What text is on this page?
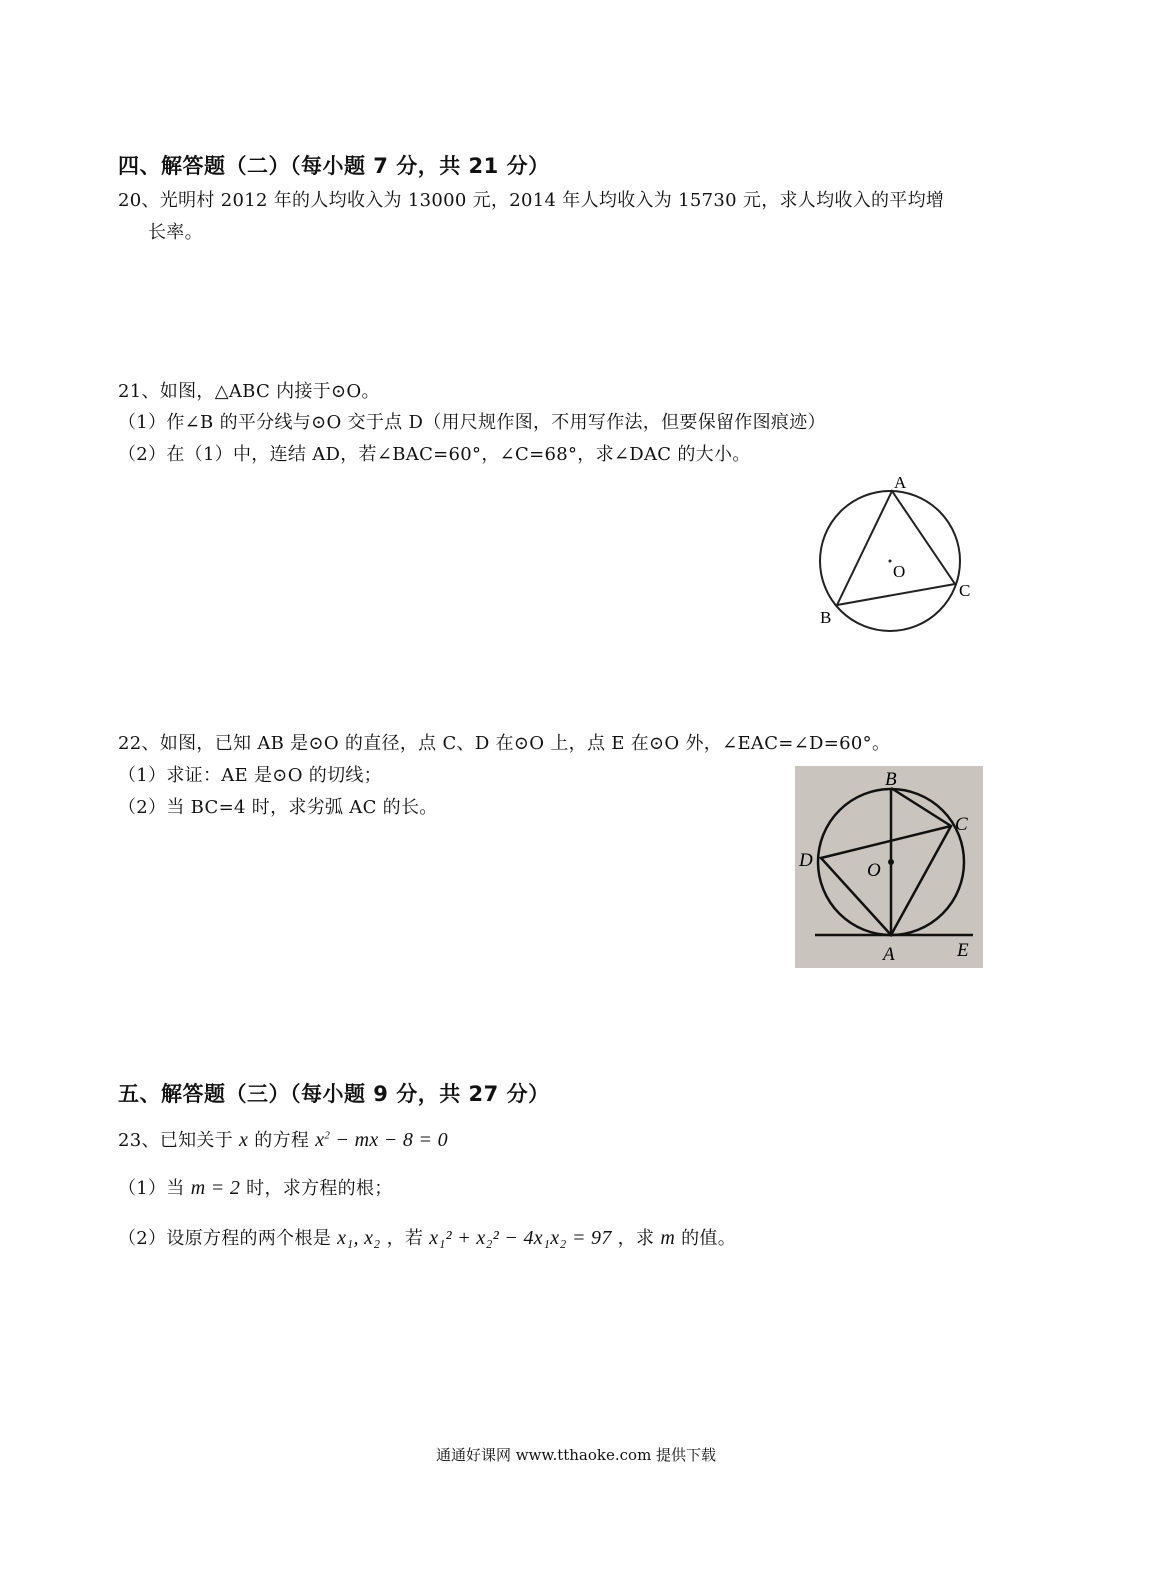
四、解答题（二）（每小题 7 分，共 21 分）
20、光明村 2012 年的人均收入为 13000 元，2014 年人均收入为 15730 元，求人均收入的平均增
长率。
21、如图，△ABC 内接于⊙O。
（1）作∠B 的平分线与⊙O 交于点 D（用尺规作图，不用写作法，但要保留作图痕迹）
（2）在（1）中，连结 AD，若∠BAC=60°，∠C=68°，求∠DAC 的大小。
A
B
C
O
22、如图，已知 AB 是⊙O 的直径，点 C、D 在⊙O 上，点 E 在⊙O 外，∠EAC=∠D=60°。
（1）求证：AE 是⊙O 的切线；
（2）当 BC=4 时，求劣弧 AC 的长。
B
C
D	O
A	E
五、解答题（三）（每小题 9 分，共 27 分）
23、已知关于 x 的方程 $x^2$ − mx − 8 = 0
（1）当 m = 2 时，求方程的根；
（2）设原方程的两个根是 x₁, x₂ ，若 x₁² + x₂² − 4x₁x₂ = 97 ，求 m 的值。
通通好课网 www.tthaoke.com 提供下载
